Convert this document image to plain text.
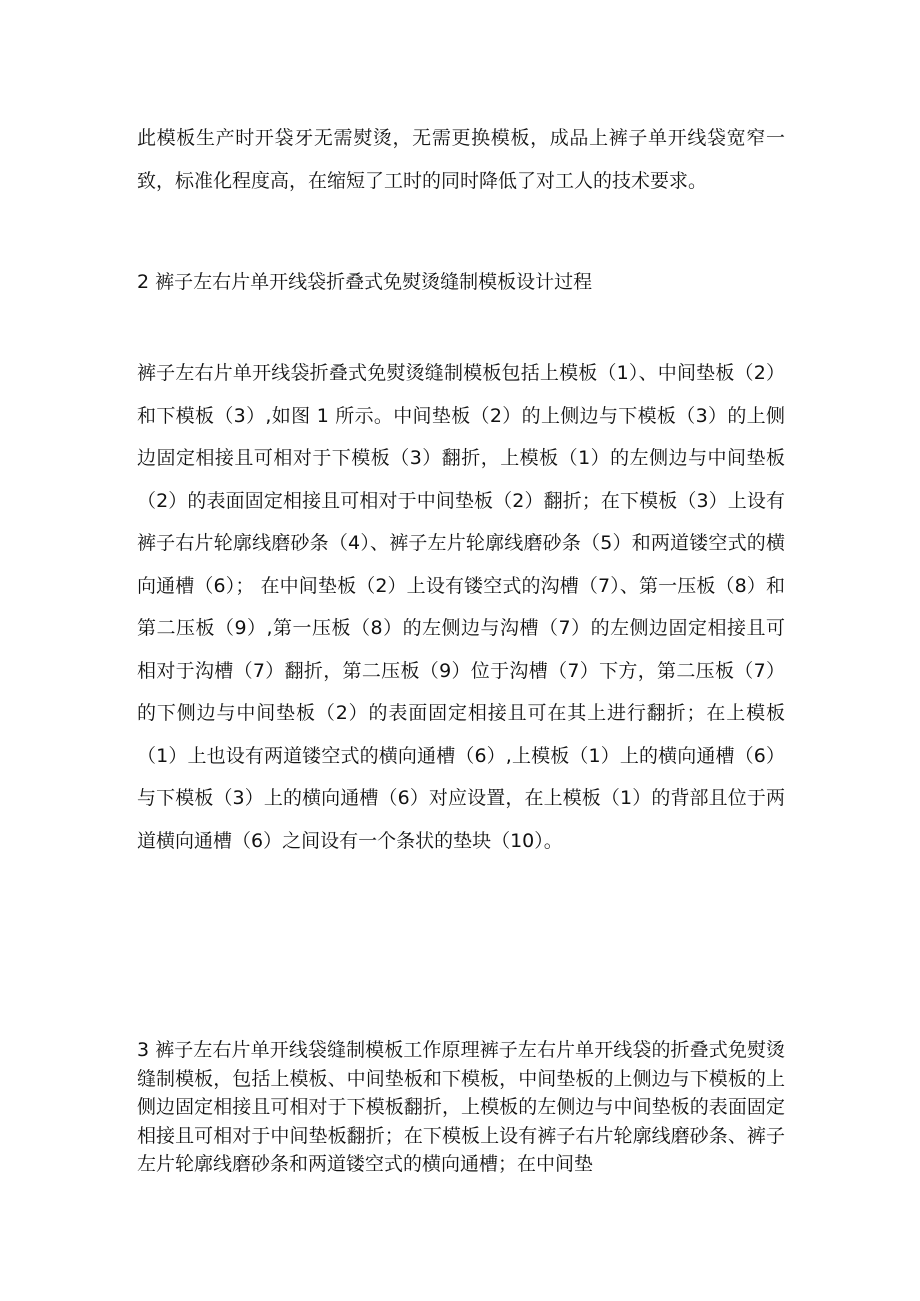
此模板生产时开袋牙无需熨烫，无需更换模板，成品上裤子单开线袋宽窄一致，标准化程度高，在缩短了工时的同时降低了对工人的技术要求。

2 裤子左右片单开线袋折叠式免熨烫缝制模板设计过程

裤子左右片单开线袋折叠式免熨烫缝制模板包括上模板（1）、中间垫板（2）和下模板（3）,如图 1 所示。中间垫板（2）的上侧边与下模板（3）的上侧边固定相接且可相对于下模板（3）翻折，上模板（1）的左侧边与中间垫板（2）的表面固定相接且可相对于中间垫板（2）翻折；在下模板（3）上设有裤子右片轮廓线磨砂条（4）、裤子左片轮廓线磨砂条（5）和两道镂空式的横向通槽（6）； 在中间垫板（2）上设有镂空式的沟槽（7）、第一压板（8）和第二压板（9）,第一压板（8）的左侧边与沟槽（7）的左侧边固定相接且可相对于沟槽（7）翻折，第二压板（9）位于沟槽（7）下方，第二压板（7）的下侧边与中间垫板（2）的表面固定相接且可在其上进行翻折；在上模板（1）上也设有两道镂空式的横向通槽（6）,上模板（1）上的横向通槽（6）与下模板（3）上的横向通槽（6）对应设置，在上模板（1）的背部且位于两道横向通槽（6）之间设有一个条状的垫块（10）。

3 裤子左右片单开线袋缝制模板工作原理裤子左右片单开线袋的折叠式免熨烫缝制模板，包括上模板、中间垫板和下模板，中间垫板的上侧边与下模板的上侧边固定相接且可相对于下模板翻折，上模板的左侧边与中间垫板的表面固定相接且可相对于中间垫板翻折；在下模板上设有裤子右片轮廓线磨砂条、裤子左片轮廓线磨砂条和两道镂空式的横向通槽；在中间垫
